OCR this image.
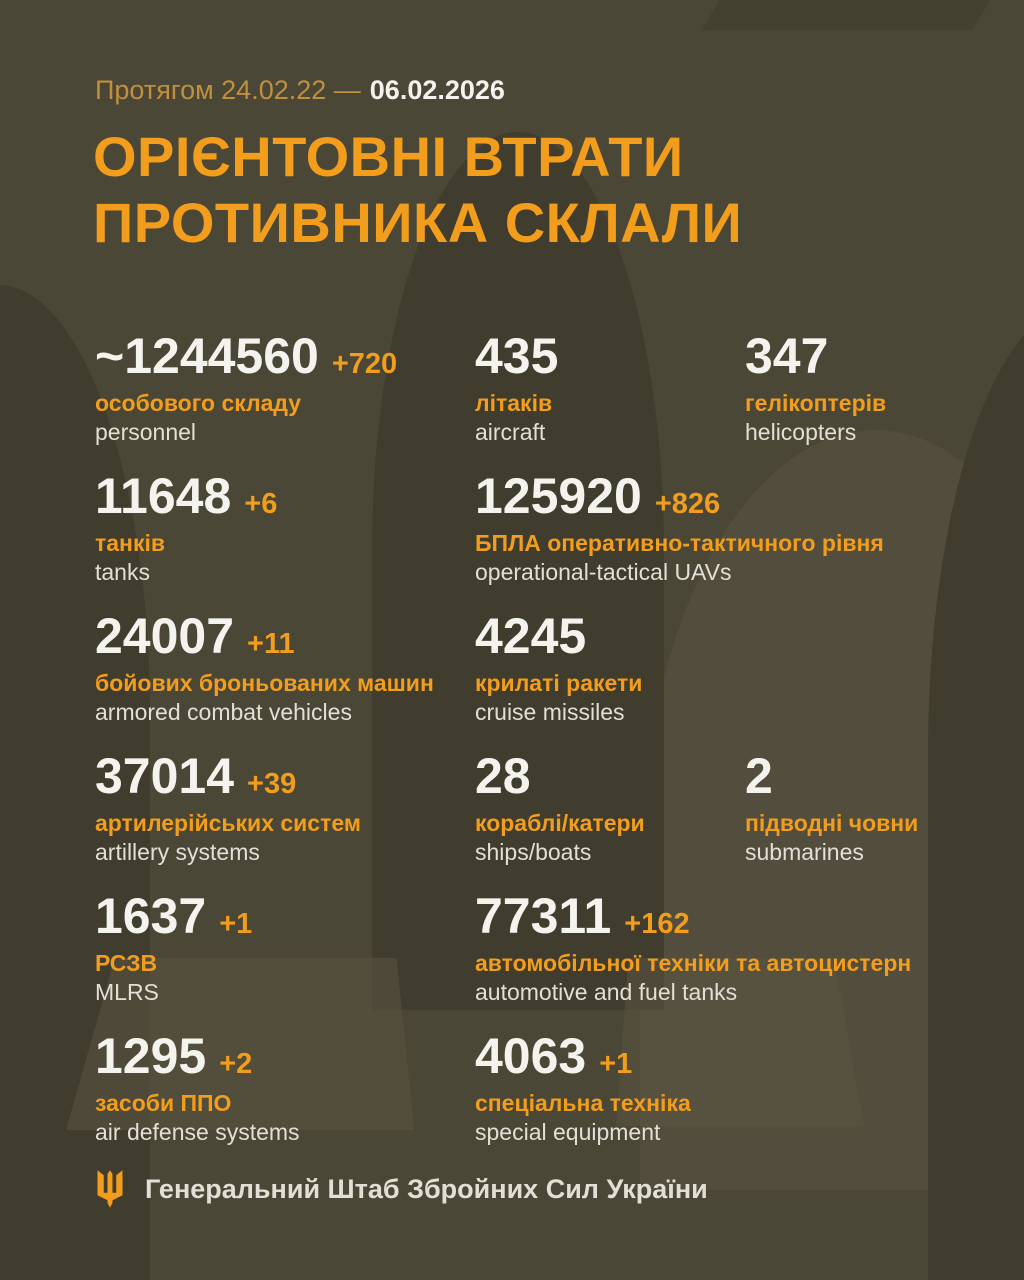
Протягом 24.02.22 — 06.02.2026
ОРІЄНТОВНІ ВТРАТИ
ПРОТИВНИКА СКЛАЛИ
~1244560 +720
особового складу
personnel
435
літаків
aircraft
347
гелікоптерів
helicopters
11648 +6
танків
tanks
125920 +826
БПЛА оперативно-тактичного рівня
operational-tactical UAVs
24007 +11
бойових броньованих машин
armored combat vehicles
4245
крилаті ракети
cruise missiles
37014 +39
артилерійських систем
artillery systems
28
кораблі/катери
ships/boats
2
підводні човни
submarines
1637 +1
РСЗВ
MLRS
77311 +162
автомобільної техніки та автоцистерн
automotive and fuel tanks
1295 +2
засоби ППО
air defense systems
4063 +1
спеціальна техніка
special equipment
Генеральний Штаб Збройних Сил України
